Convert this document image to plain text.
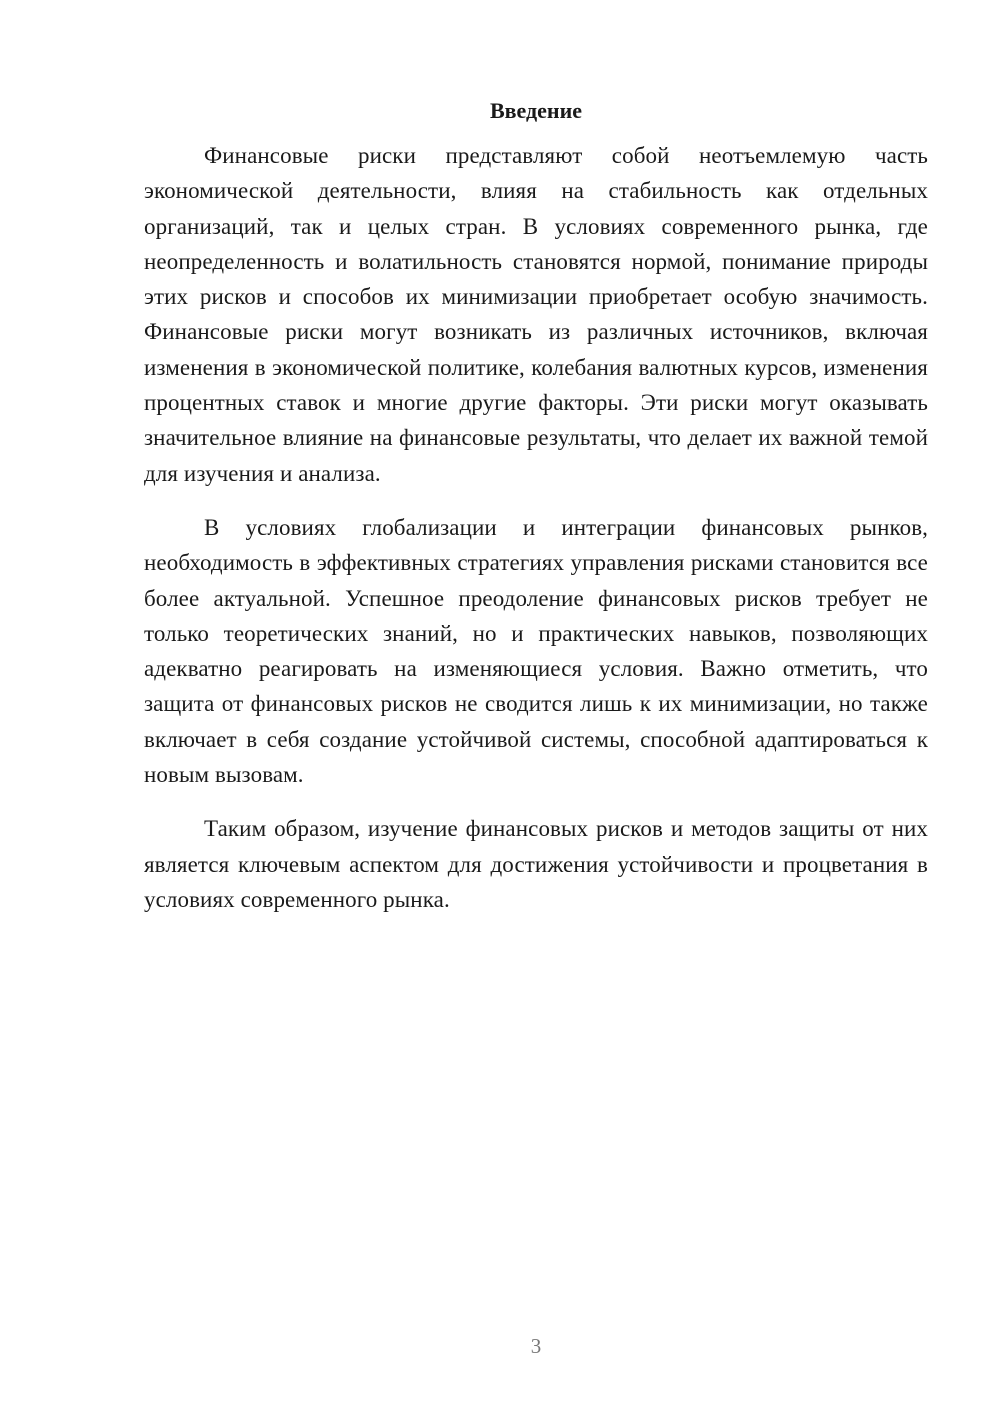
Введение

Финансовые риски представляют собой неотъемлемую часть экономической деятельности, влияя на стабильность как отдельных организаций, так и целых стран. В условиях современного рынка, где неопределенность и волатильность становятся нормой, понимание природы этих рисков и способов их минимизации приобретает особую значимость. Финансовые риски могут возникать из различных источников, включая изменения в экономической политике, колебания валютных курсов, изменения процентных ставок и многие другие факторы. Эти риски могут оказывать значительное влияние на финансовые результаты, что делает их важной темой для изучения и анализа.

В условиях глобализации и интеграции финансовых рынков, необходимость в эффективных стратегиях управления рисками становится все более актуальной. Успешное преодоление финансовых рисков требует не только теоретических знаний, но и практических навыков, позволяющих адекватно реагировать на изменяющиеся условия. Важно отметить, что защита от финансовых рисков не сводится лишь к их минимизации, но также включает в себя создание устойчивой системы, способной адаптироваться к новым вызовам.

Таким образом, изучение финансовых рисков и методов защиты от них является ключевым аспектом для достижения устойчивости и процветания в условиях современного рынка.

3
